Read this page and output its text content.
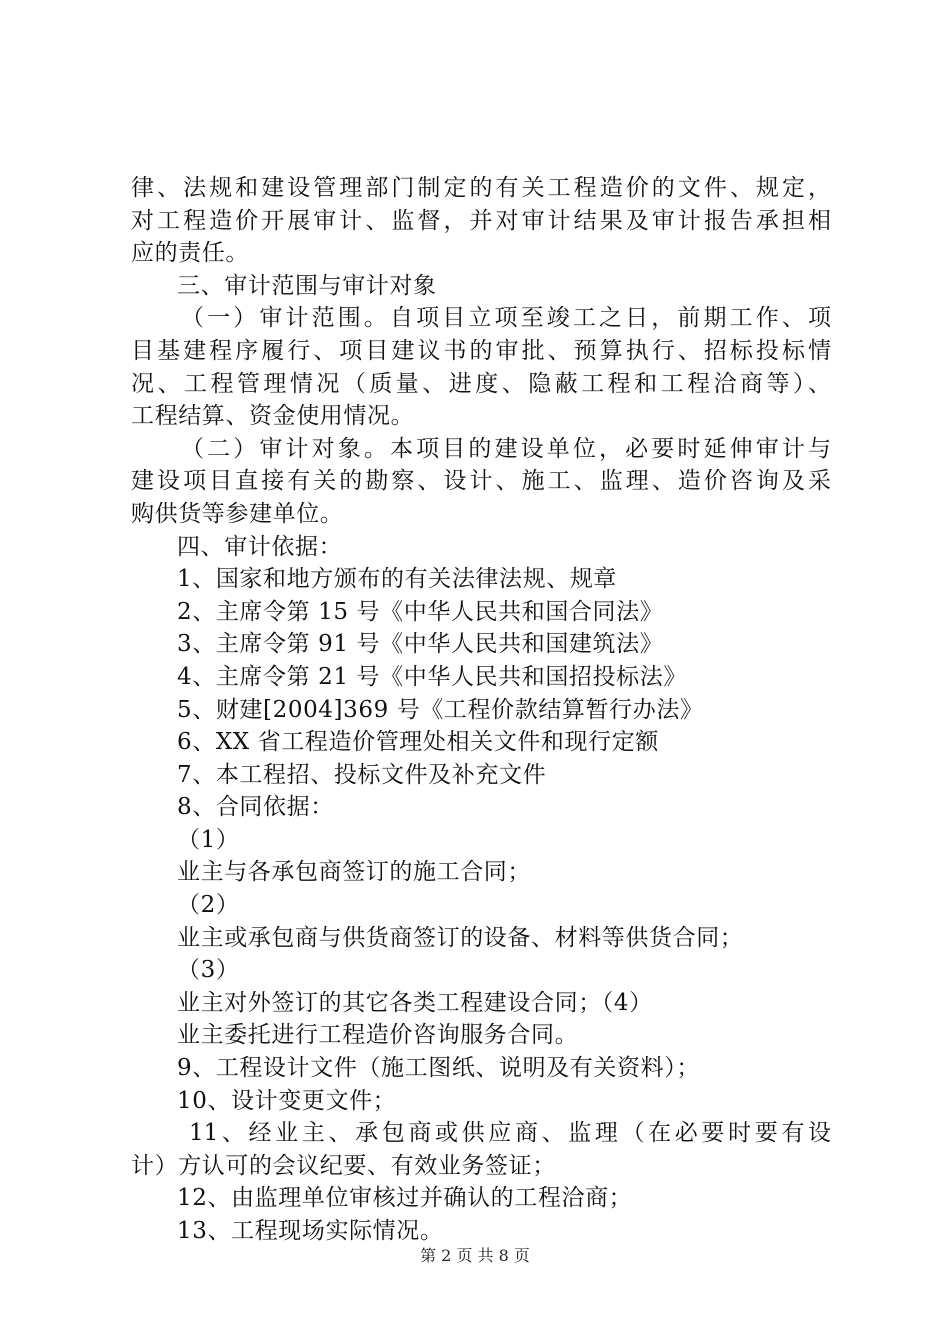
律、法规和建设管理部门制定的有关工程造价的文件、规定，
对工程造价开展审计、监督，并对审计结果及审计报告承担相
应的责任。
三、审计范围与审计对象
（一）审计范围。自项目立项至竣工之日，前期工作、项
目基建程序履行、项目建议书的审批、预算执行、招标投标情
况、工程管理情况（质量、进度、隐蔽工程和工程洽商等）、
工程结算、资金使用情况。
（二）审计对象。本项目的建设单位，必要时延伸审计与
建设项目直接有关的勘察、设计、施工、监理、造价咨询及采
购供货等参建单位。
四、审计依据：
1、国家和地方颁布的有关法律法规、规章
2、主席令第 15 号《中华人民共和国合同法》
3、主席令第 91 号《中华人民共和国建筑法》
4、主席令第 21 号《中华人民共和国招投标法》
5、财建[2004]369 号《工程价款结算暂行办法》
6、XX 省工程造价管理处相关文件和现行定额
7、本工程招、投标文件及补充文件
8、合同依据：
（1）
业主与各承包商签订的施工合同；
（2）
业主或承包商与供货商签订的设备、材料等供货合同；
（3）
业主对外签订的其它各类工程建设合同；（4）
业主委托进行工程造价咨询服务合同。
9、工程设计文件（施工图纸、说明及有关资料）；
10、设计变更文件；
11、经业主、承包商或供应商、监理（在必要时要有设
计）方认可的会议纪要、有效业务签证；
12、由监理单位审核过并确认的工程洽商；
13、工程现场实际情况。
第 2 页 共 8 页
